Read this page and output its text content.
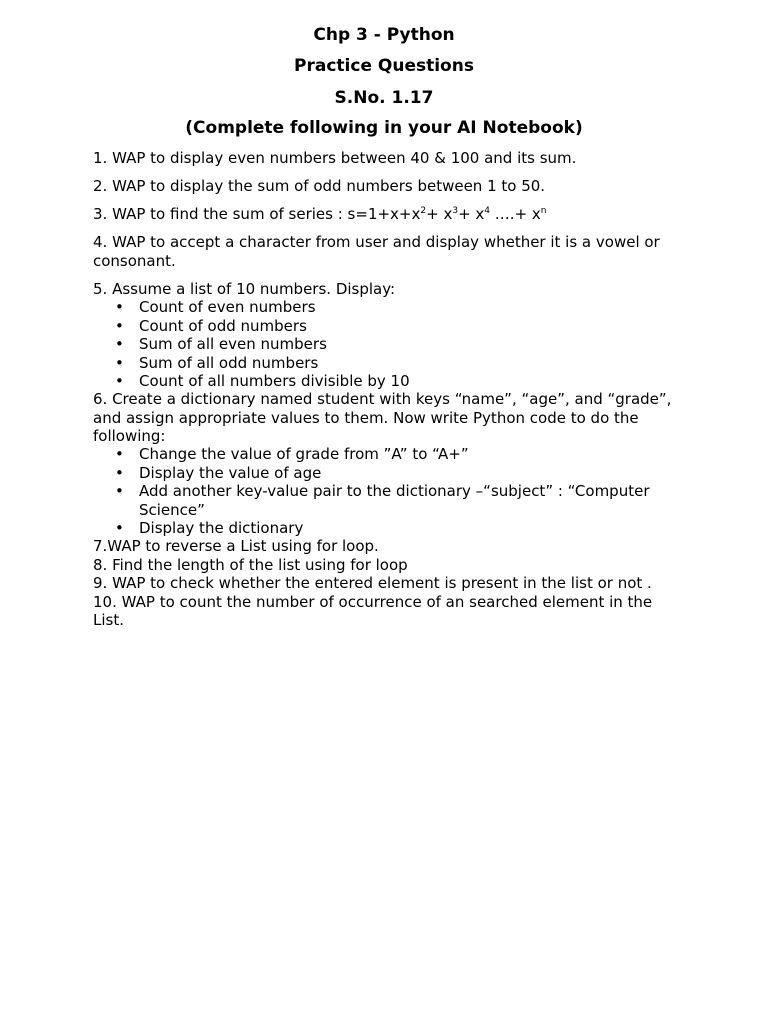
Chp 3 - Python
Practice Questions
S.No. 1.17
(Complete following in your AI Notebook)

1. WAP to display even numbers between 40 & 100 and its sum.

2. WAP to display the sum of odd numbers between 1 to 50.

3. WAP to find the sum of series : $s=1+x+x^2+ x^3+ x^4$ ….+ $x^n$

4. WAP to accept a character from user and display whether it is a vowel or consonant.

5. Assume a list of 10 numbers. Display:

• Count of even numbers
• Count of odd numbers
• Sum of all even numbers
• Sum of all odd numbers
• Count of all numbers divisible by 10

6. Create a dictionary named student with keys “name”, “age”, and “grade”, and assign appropriate values to them. Now write Python code to do the following:

• Change the value of grade from ”A” to “A+”
• Display the value of age
• Add another key-value pair to the dictionary –“subject” : “Computer Science”
• Display the dictionary

7.WAP to reverse a List using for loop.

8. Find the length of the list using for loop

9. WAP to check whether the entered element is present in the list or not .

10. WAP to count the number of occurrence of an searched element in the List.
